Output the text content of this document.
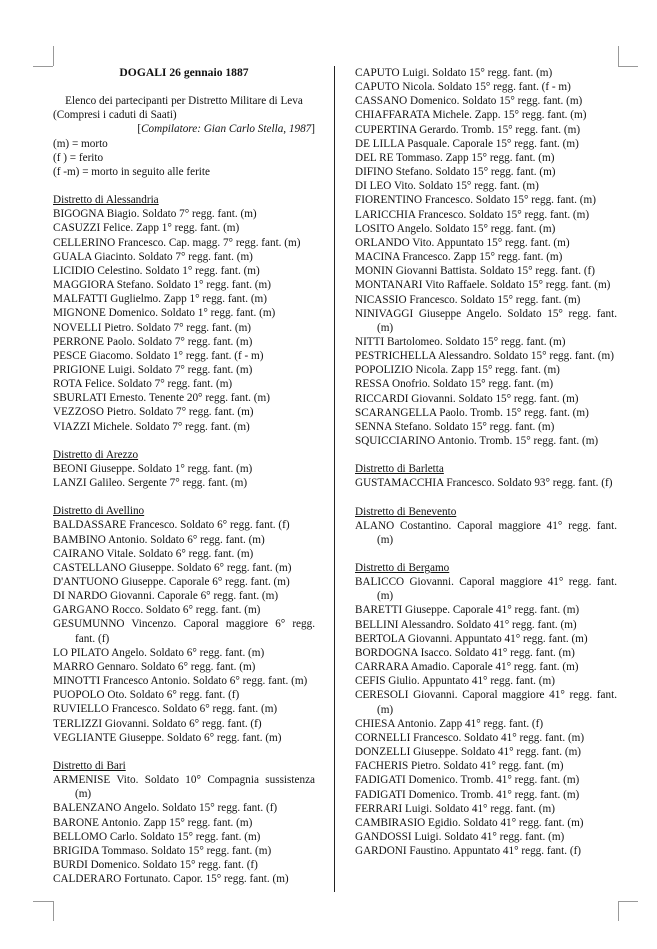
DOGALI 26 gennaio 1887
Elenco dei partecipanti per Distretto Militare di Leva
(Compresi i caduti di Saati)
[Compilatore: Gian Carlo Stella, 1987]
(m) = morto
(f ) = ferito
(f -m) = morto in seguito alle ferite
Distretto di Alessandria
BIGOGNA Biagio. Soldato 7° regg. fant. (m)
CASUZZI Felice. Zapp 1° regg. fant. (m)
CELLERINO Francesco. Cap. magg. 7° regg. fant. (m)
GUALA Giacinto. Soldato 7° regg. fant. (m)
LICIDIO Celestino. Soldato 1° regg. fant. (m)
MAGGIORA Stefano. Soldato 1° regg. fant. (m)
MALFATTI Guglielmo. Zapp 1° regg. fant. (m)
MIGNONE Domenico. Soldato 1° regg. fant. (m)
NOVELLI Pietro. Soldato 7° regg. fant. (m)
PERRONE Paolo. Soldato 7° regg. fant. (m)
PESCE Giacomo. Soldato 1° regg. fant. (f - m)
PRIGIONE Luigi. Soldato 7° regg. fant. (m)
ROTA Felice. Soldato 7° regg. fant. (m)
SBURLATI Ernesto. Tenente 20° regg. fant. (m)
VEZZOSO Pietro. Soldato 7° regg. fant. (m)
VIAZZI Michele. Soldato 7° regg. fant. (m)
Distretto di Arezzo
BEONI Giuseppe. Soldato 1° regg. fant. (m)
LANZI Galileo. Sergente 7° regg. fant. (m)
Distretto di Avellino
BALDASSARE Francesco. Soldato 6° regg. fant. (f)
BAMBINO Antonio. Soldato 6° regg. fant. (m)
CAIRANO Vitale. Soldato 6° regg. fant. (m)
CASTELLANO Giuseppe. Soldato 6° regg. fant. (m)
D'ANTUONO Giuseppe. Caporale 6° regg. fant. (m)
DI NARDO Giovanni. Caporale 6° regg. fant. (m)
GARGANO Rocco. Soldato 6° regg. fant. (m)
GESUMUNNO Vincenzo. Caporal maggiore 6° regg. fant. (f)
LO PILATO Angelo. Soldato 6° regg. fant. (m)
MARRO Gennaro. Soldato 6° regg. fant. (m)
MINOTTI Francesco Antonio. Soldato 6° regg. fant. (m)
PUOPOLO Oto. Soldato 6° regg. fant. (f)
RUVIELLO Francesco. Soldato 6° regg. fant. (m)
TERLIZZI Giovanni. Soldato 6° regg. fant. (f)
VEGLIANTE Giuseppe. Soldato 6° regg. fant. (m)
Distretto di Bari
ARMENISE Vito. Soldato 10° Compagnia sussistenza (m)
BALENZANO Angelo. Soldato 15° regg. fant. (f)
BARONE Antonio. Zapp 15° regg. fant. (m)
BELLOMO Carlo. Soldato 15° regg. fant. (m)
BRIGIDA Tommaso. Soldato 15° regg. fant. (m)
BURDI Domenico. Soldato 15° regg. fant. (f)
CALDERARO Fortunato. Capor. 15° regg. fant. (m)
CAPUTO Luigi. Soldato 15° regg. fant. (m)
CAPUTO Nicola. Soldato 15° regg. fant. (f - m)
CASSANO Domenico. Soldato 15° regg. fant. (m)
CHIAFFARATA Michele. Zapp. 15° regg. fant. (m)
CUPERTINA Gerardo. Tromb. 15° regg. fant. (m)
DE LILLA Pasquale. Caporale 15° regg. fant. (m)
DEL RE Tommaso. Zapp 15° regg. fant. (m)
DIFINO Stefano. Soldato 15° regg. fant. (m)
DI LEO Vito. Soldato 15° regg. fant. (m)
FIORENTINO Francesco. Soldato 15° regg. fant. (m)
LARICCHIA Francesco. Soldato 15° regg. fant. (m)
LOSITO Angelo. Soldato 15° regg. fant. (m)
ORLANDO Vito. Appuntato 15° regg. fant. (m)
MACINA Francesco. Zapp 15° regg. fant. (m)
MONIN Giovanni Battista. Soldato 15° regg. fant. (f)
MONTANARI Vito Raffaele. Soldato 15° regg. fant. (m)
NICASSIO Francesco. Soldato 15° regg. fant. (m)
NINIVAGGI Giuseppe Angelo. Soldato 15° regg. fant. (m)
NITTI Bartolomeo. Soldato 15° regg. fant. (m)
PESTRICHELLA Alessandro. Soldato 15° regg. fant. (m)
POPOLIZIO Nicola. Zapp 15° regg. fant. (m)
RESSA Onofrio. Soldato 15° regg. fant. (m)
RICCARDI Giovanni. Soldato 15° regg. fant. (m)
SCARANGELLA Paolo. Tromb. 15° regg. fant. (m)
SENNA Stefano. Soldato 15° regg. fant. (m)
SQUICCIARINO Antonio. Tromb. 15° regg. fant. (m)
Distretto di Barletta
GUSTAMACCHIA Francesco. Soldato 93° regg. fant. (f)
Distretto di Benevento
ALANO Costantino. Caporal maggiore 41° regg. fant. (m)
Distretto di Bergamo
BALICCO Giovanni. Caporal maggiore 41° regg. fant. (m)
BARETTI Giuseppe. Caporale 41° regg. fant. (m)
BELLINI Alessandro. Soldato 41° regg. fant. (m)
BERTOLA Giovanni. Appuntato 41° regg. fant. (m)
BORDOGNA Isacco. Soldato 41° regg. fant. (m)
CARRARA Amadio. Caporale 41° regg. fant. (m)
CEFIS Giulio. Appuntato 41° regg. fant. (m)
CERESOLI Giovanni. Caporal maggiore 41° regg. fant. (m)
CHIESA Antonio. Zapp 41° regg. fant. (f)
CORNELLI Francesco. Soldato 41° regg. fant. (m)
DONZELLI Giuseppe. Soldato 41° regg. fant. (m)
FACHERIS Pietro. Soldato 41° regg. fant. (m)
FADIGATI Domenico. Tromb. 41° regg. fant. (m)
FADIGATI Domenico. Tromb. 41° regg. fant. (m)
FERRARI Luigi. Soldato 41° regg. fant. (m)
CAMBIRASIO Egidio. Soldato 41° regg. fant. (m)
GANDOSSI Luigi. Soldato 41° regg. fant. (m)
GARDONI Faustino. Appuntato 41° regg. fant. (f)
